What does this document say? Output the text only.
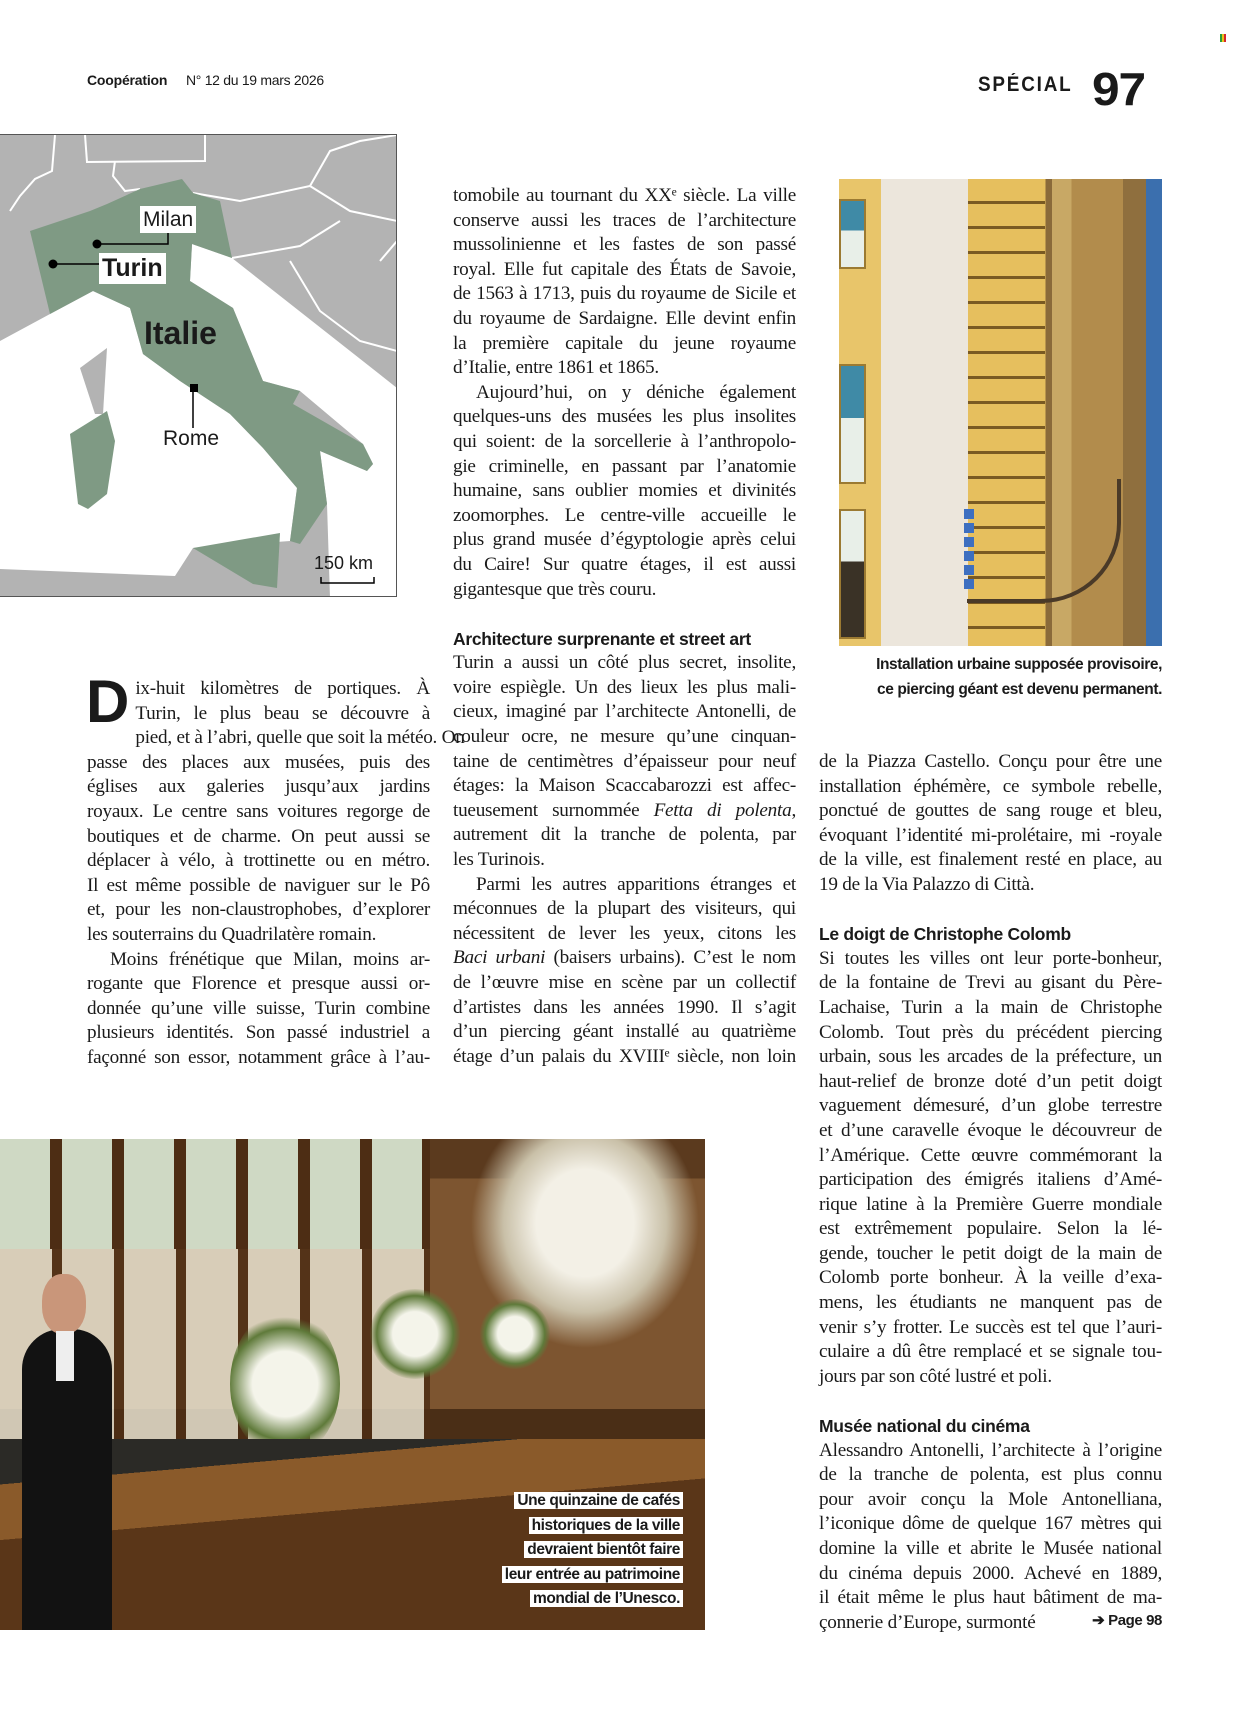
Coopération N° 12 du 19 mars 2026	SPÉCIAL 97
Milan
Turin
Italie
Rome
150 km
Installation urbaine supposée provisoire,
ce piercing géant est devenu permanent.
Une quinzaine de cafés
historiques de la ville
devraient bientôt faire
leur entrée au patrimoine
mondial de l’Unesco.
D ix-huit kilomètres de portiques. À
Turin, le plus beau se découvre à
pied, et à l’abri, quelle que soit la météo. On
passe des places aux musées, puis des
églises aux galeries jusqu’aux jardins
royaux. Le centre sans voitures regorge de
boutiques et de charme. On peut aussi se
déplacer à vélo, à trottinette ou en métro.
Il est même possible de naviguer sur le Pô
et, pour les non-claustrophobes, d’explorer
les souterrains du Quadrilatère romain.
Moins frénétique que Milan, moins ar-
rogante que Florence et presque aussi or-
donnée qu’une ville suisse, Turin combine
plusieurs identités. Son passé industriel a
façonné son essor, notamment grâce à l’au-
tomobile au tournant du XXᵉ siècle. La ville
conserve aussi les traces de l’architecture
mussolinienne et les fastes de son passé
royal. Elle fut capitale des États de Savoie,
de 1563 à 1713, puis du royaume de Sicile et
du royaume de Sardaigne. Elle devint enfin
la première capitale du jeune royaume
d’Italie, entre 1861 et 1865.
Aujourd’hui, on y déniche également
quelques-uns des musées les plus insolites
qui soient: de la sorcellerie à l’anthropolo-
gie criminelle, en passant par l’anatomie
humaine, sans oublier momies et divinités
zoomorphes. Le centre-ville accueille le
plus grand musée d’égyptologie après celui
du Caire! Sur quatre étages, il est aussi
gigantesque que très couru.
Architecture surprenante et street art
Turin a aussi un côté plus secret, insolite,
voire espiègle. Un des lieux les plus mali-
cieux, imaginé par l’architecte Antonelli, de
couleur ocre, ne mesure qu’une cinquan-
taine de centimètres d’épaisseur pour neuf
étages: la Maison Scaccabarozzi est affec-
tueusement surnommée Fetta di polenta,
autrement dit la tranche de polenta, par
les Turinois.
Parmi les autres apparitions étranges et
méconnues de la plupart des visiteurs, qui
nécessitent de lever les yeux, citons les
Baci urbani (baisers urbains). C’est le nom
de l’œuvre mise en scène par un collectif
d’artistes dans les années 1990. Il s’agit
d’un piercing géant installé au quatrième
étage d’un palais du XVIIIᵉ siècle, non loin
de la Piazza Castello. Conçu pour être une
installation éphémère, ce symbole rebelle,
ponctué de gouttes de sang rouge et bleu,
évoquant l’identité mi-prolétaire, mi -royale
de la ville, est finalement resté en place, au
19 de la Via Palazzo di Città.
Le doigt de Christophe Colomb
Si toutes les villes ont leur porte-bonheur,
de la fontaine de Trevi au gisant du Père-
Lachaise, Turin a la main de Christophe
Colomb. Tout près du précédent piercing
urbain, sous les arcades de la préfecture, un
haut-relief de bronze doté d’un petit doigt
vaguement démesuré, d’un globe terrestre
et d’une caravelle évoque le découvreur de
l’Amérique. Cette œuvre commémorant la
participation des émigrés italiens d’Amé-
rique latine à la Première Guerre mondiale
est extrêmement populaire. Selon la lé-
gende, toucher le petit doigt de la main de
Colomb porte bonheur. À la veille d’exa-
mens, les étudiants ne manquent pas de
venir s’y frotter. Le succès est tel que l’auri-
culaire a dû être remplacé et se signale tou-
jours par son côté lustré et poli.
Musée national du cinéma
Alessandro Antonelli, l’architecte à l’origine
de la tranche de polenta, est plus connu
pour avoir conçu la Mole Antonelliana,
l’iconique dôme de quelque 167 mètres qui
domine la ville et abrite le Musée national
du cinéma depuis 2000. Achevé en 1889,
il était même le plus haut bâtiment de ma-
çonnerie d’Europe, surmonté	➔ Page 98
